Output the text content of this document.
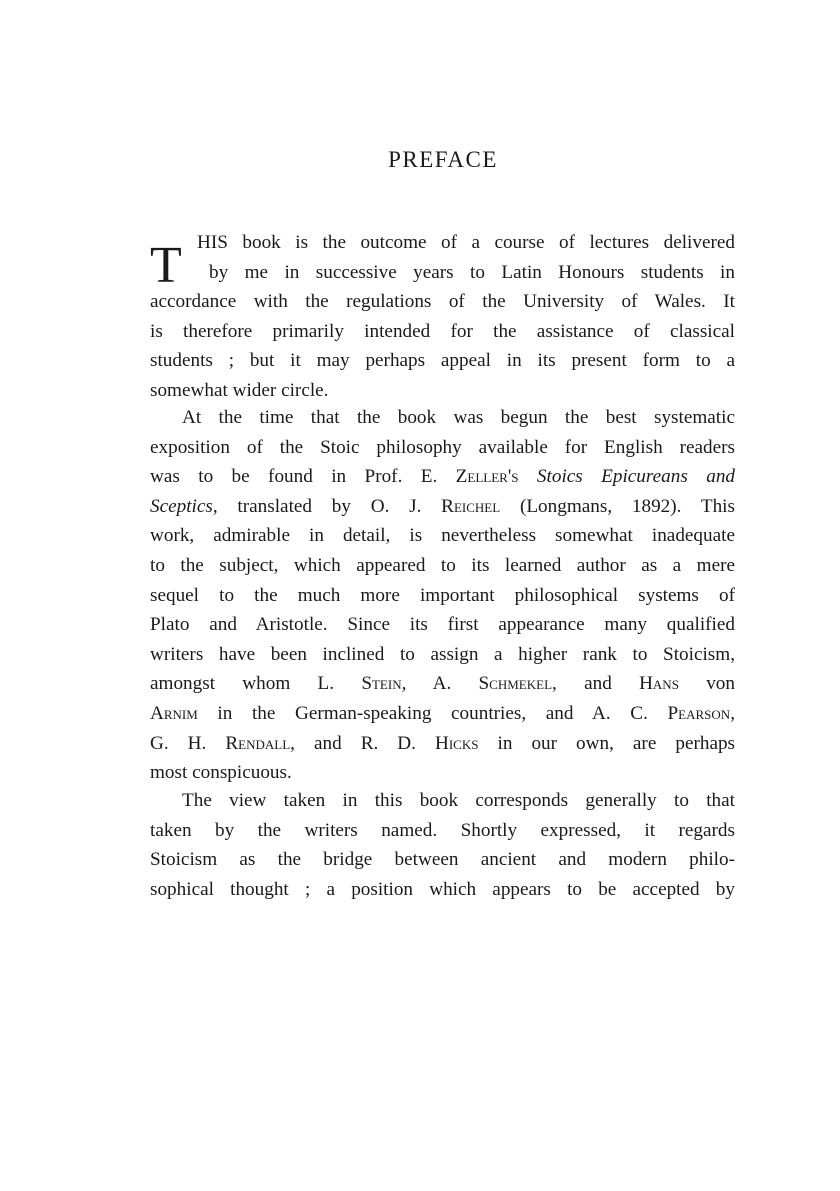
PREFACE
T HIS book is the outcome of a course of lectures delivered
by me in successive years to Latin Honours students in
accordance with the regulations of the University of Wales. It
is therefore primarily intended for the assistance of classical
students ; but it may perhaps appeal in its present form to a
somewhat wider circle.
At the time that the book was begun the best systematic
exposition of the Stoic philosophy available for English readers
was to be found in Prof. E. Zeller's Stoics Epicureans and
Sceptics, translated by O. J. Reichel (Longmans, 1892). This
work, admirable in detail, is nevertheless somewhat inadequate
to the subject, which appeared to its learned author as a mere
sequel to the much more important philosophical systems of
Plato and Aristotle. Since its first appearance many qualified
writers have been inclined to assign a higher rank to Stoicism,
amongst whom L. Stein, A. Schmekel, and Hans von
Arnim in the German-speaking countries, and A. C. Pearson,
G. H. Rendall, and R. D. Hicks in our own, are perhaps
most conspicuous.
The view taken in this book corresponds generally to that
taken by the writers named. Shortly expressed, it regards
Stoicism as the bridge between ancient and modern philo-
sophical thought ; a position which appears to be accepted by
